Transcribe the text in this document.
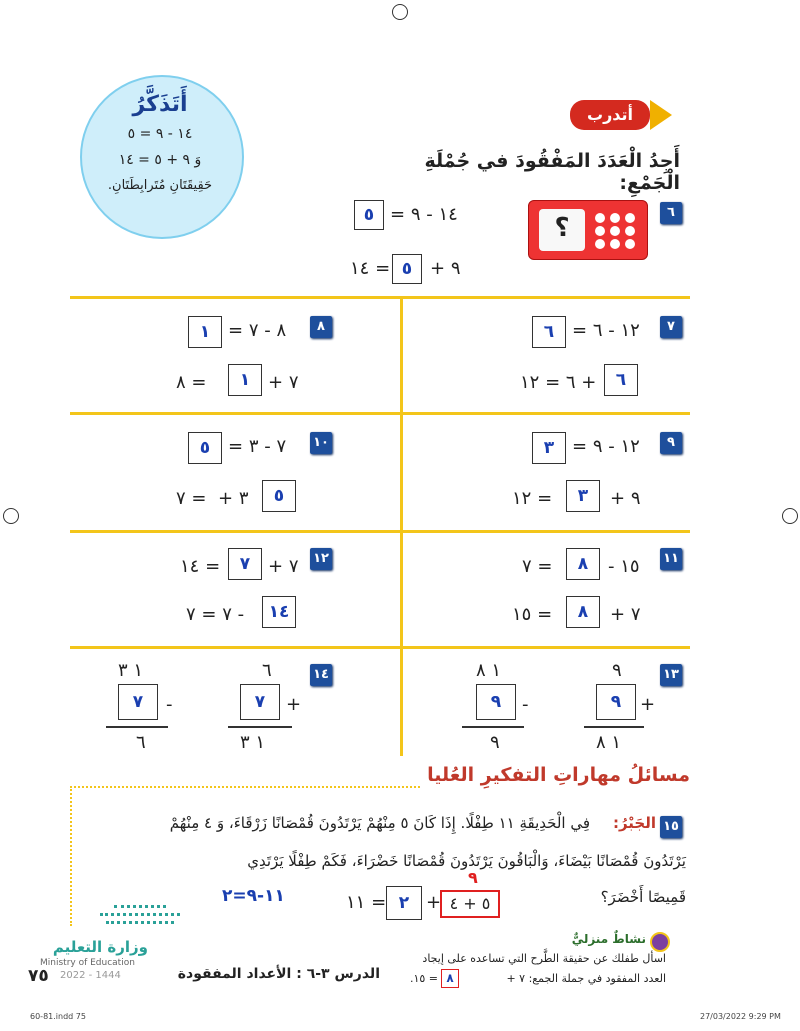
أَتَذَكَّرُ
١٤ - ٩ = ٥
وَ ٩ + ٥ = ١٤
حَقِيقَتَانِ مُتَرابِطَتَانِ.
أتدرب
أَجِدُ الْعَدَدَ المَفْقُودَ في جُمْلَةِ الْجَمْعِ:
٦
؟
٥ ١٤ - ٩ =
= ١٤ ٥ ٩ +
٧
٦ ١٢ - ٦ =
+ ٦ = ١٢	٦
٨
١ ٨ - ٧ =
= ٨	١ ٧ +
٩
٣ ١٢ - ٩ =
= ١٢	٣	٩ +
١٠
٥ ٧ - ٣ =
= ٧ ٣ +	٥
١١
= ٧	٨	١٥ -
= ١٥	٨	٧ +
١٢
= ١٤	٧ ٧ +
- ٧ = ٧	١٤
١٣
٩
٩	+
١ ٨
١ ٨
٩	-
٩
١٤
٦
٧	+
١ ٣
١ ٣
٧	-
٦
مسائلُ مهاراتِ التفكيرِ العُليا
١٥
الجَبْرُ:
فِي الْحَدِيقَةِ ١١ طِفْلًا. إِذَا كَانَ ٥ مِنْهُمْ يَرْتَدُونَ قُمْصَانًا زَرْقَاءَ، وَ ٤ مِنْهُمْ
يَرْتَدُونَ قُمْصَانًا بَيْضَاءَ، وَالْبَاقُونَ يَرْتَدُونَ قُمْصَانًا خَضْرَاءَ، فَكَمْ طِفْلًا يَرْتَدِي
قَمِيصًا أَخْضَرَ؟
٩
٥ + ٤
+
٢
= ١١
١١-٩=٢
نشاطٌ منزليٌّ
اسأل طفلك عن حقيقة الطَّرح التي تساعده على إيجاد
العدد المفقود في جملة الجمع: ٧ +
٨
= ١٥.
وزارة التعليم
Ministry of Education
2022 - 1444
٧٥	الدرس ٣-٦ : الأعداد المفقودة
60-81.indd 75	27/03/2022 9:29 PM
